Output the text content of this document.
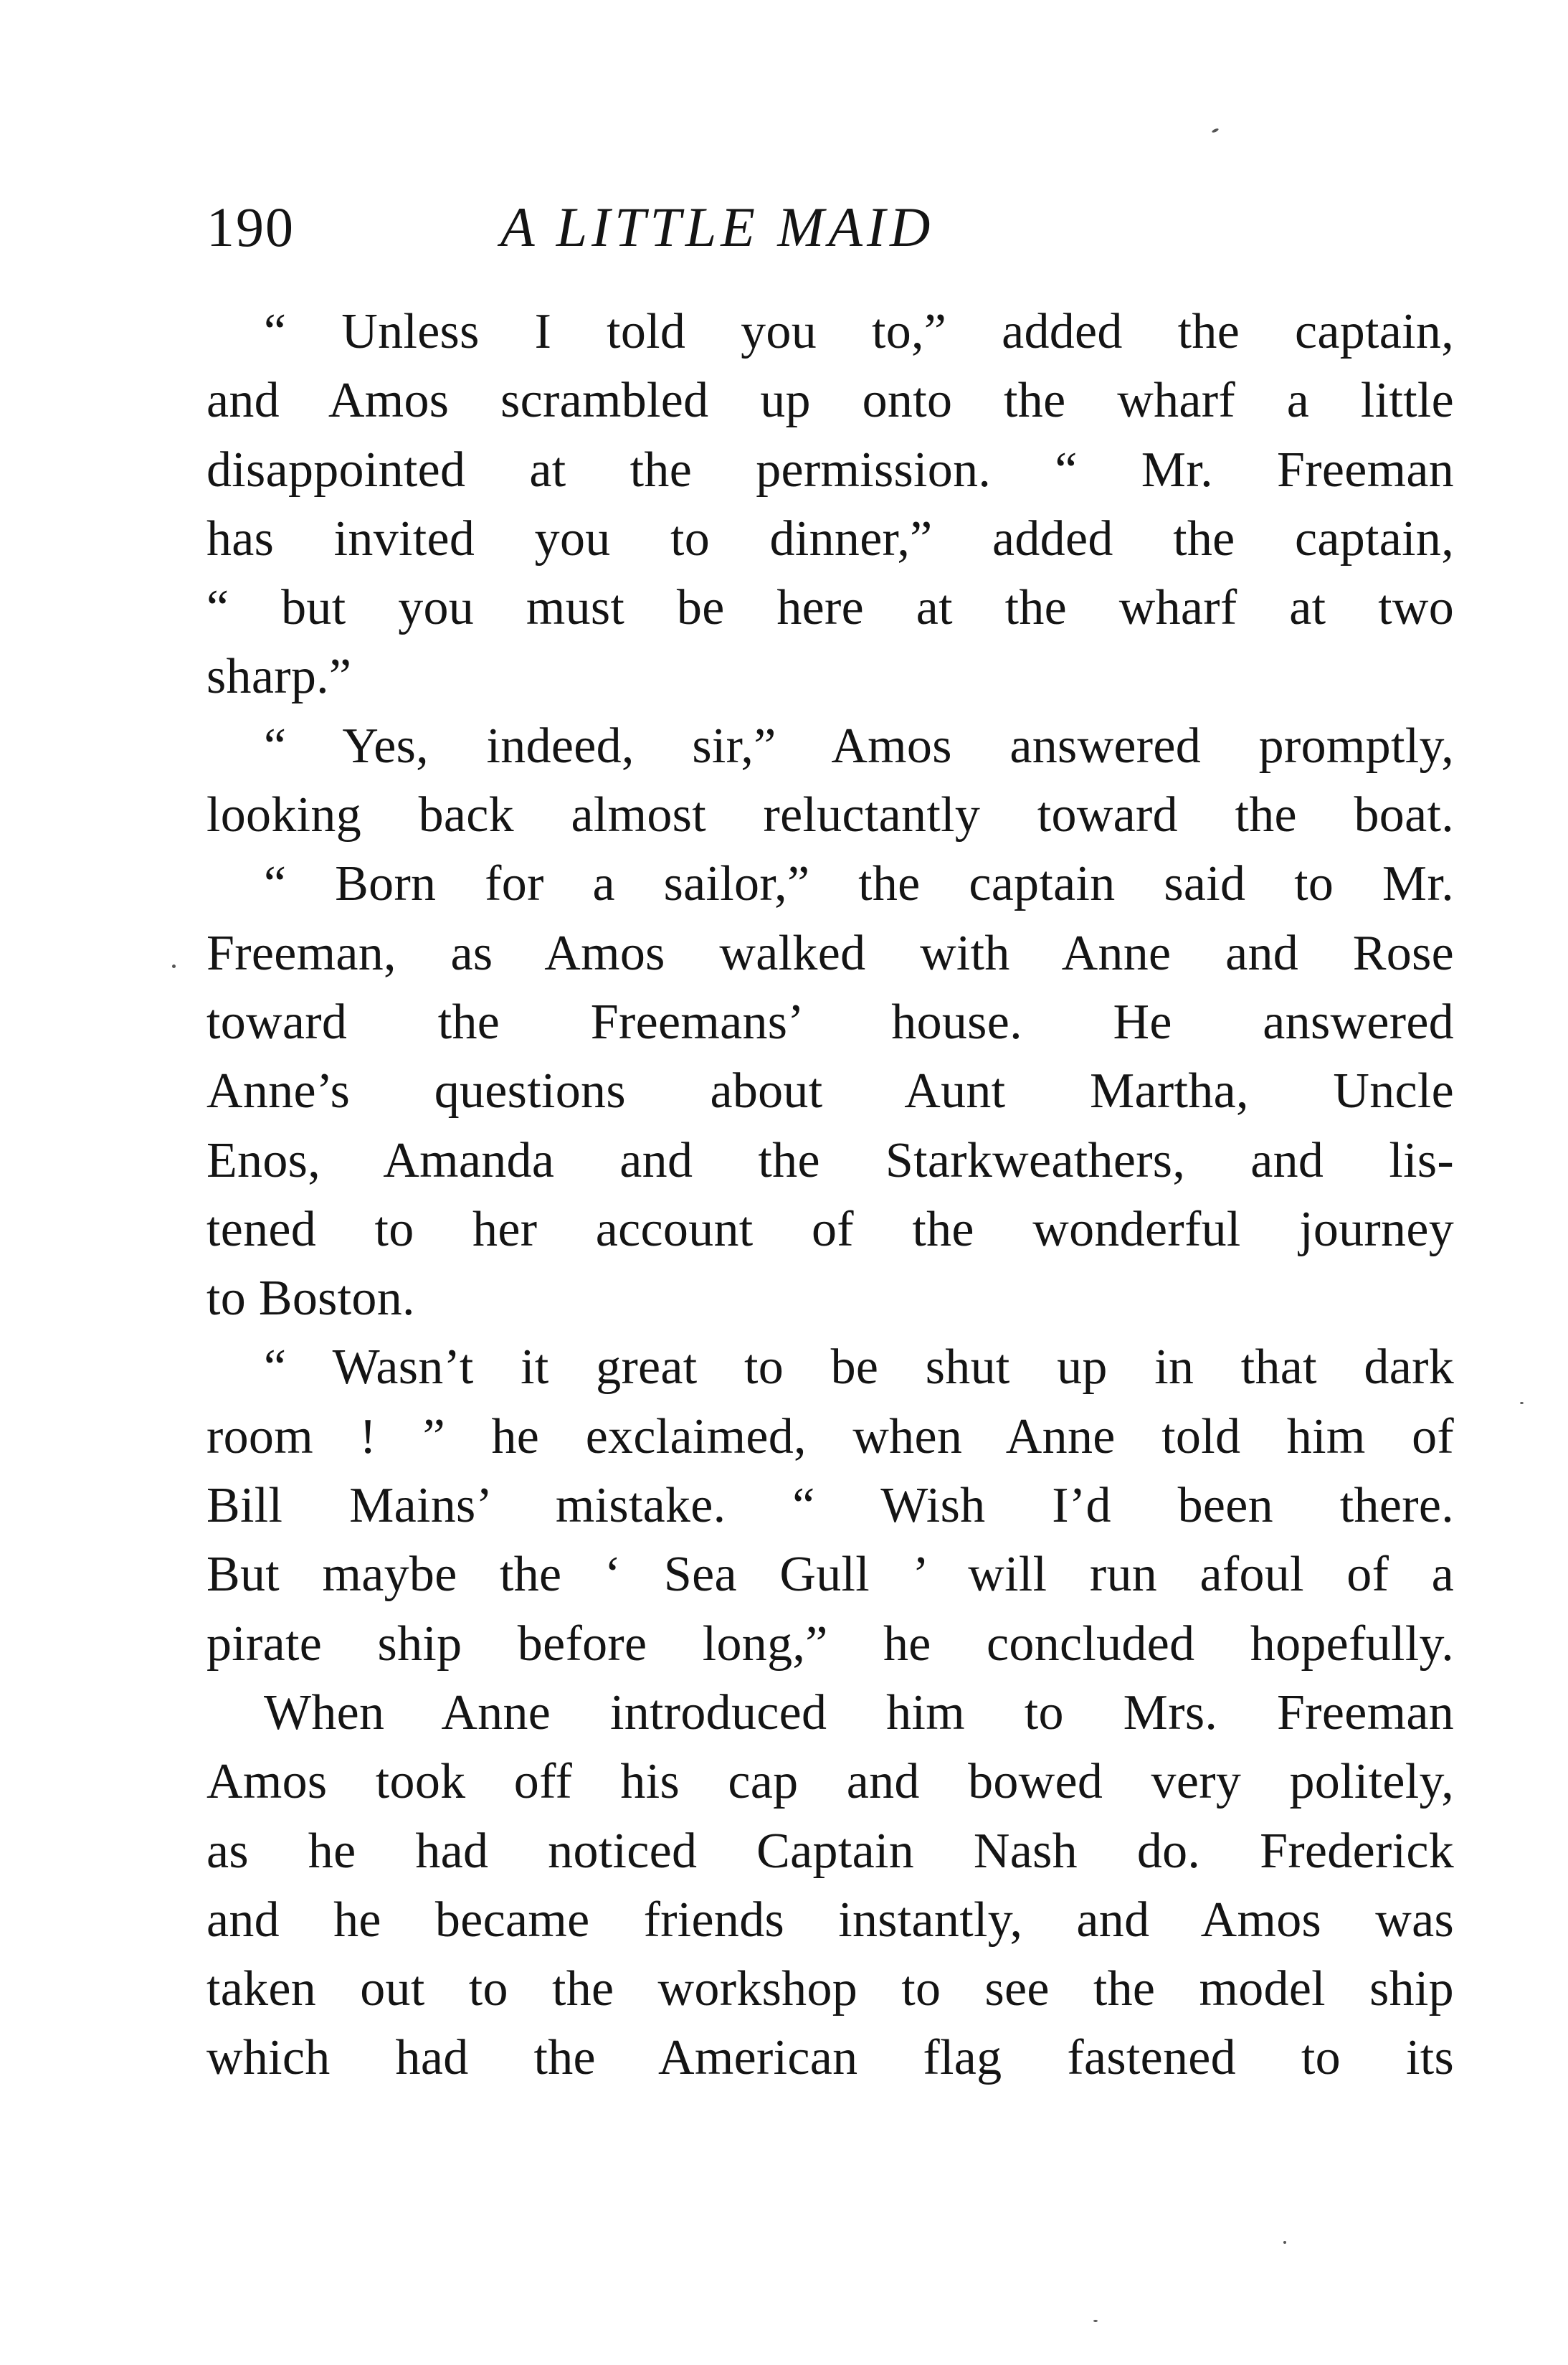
190	A LITTLE MAID
“ Unless I told you to,” added the captain,
and Amos scrambled up onto the wharf a little
disappointed at the permission. “ Mr. Freeman
has invited you to dinner,” added the captain,
“ but you must be here at the wharf at two
sharp.”
“ Yes, indeed, sir,” Amos answered promptly,
looking back almost reluctantly toward the boat.
“ Born for a sailor,” the captain said to Mr.
Freeman, as Amos walked with Anne and Rose
toward the Freemans’ house. He answered
Anne’s questions about Aunt Martha, Uncle
Enos, Amanda and the Starkweathers, and lis-
tened to her account of the wonderful journey
to Boston.
“ Wasn’t it great to be shut up in that dark
room ! ” he exclaimed, when Anne told him of
Bill Mains’ mistake. “ Wish I’d been there.
But maybe the ‘ Sea Gull ’ will run afoul of a
pirate ship before long,” he concluded hopefully.
When Anne introduced him to Mrs. Freeman
Amos took off his cap and bowed very politely,
as he had noticed Captain Nash do. Frederick
and he became friends instantly, and Amos was
taken out to the workshop to see the model ship
which had the American flag fastened to its
